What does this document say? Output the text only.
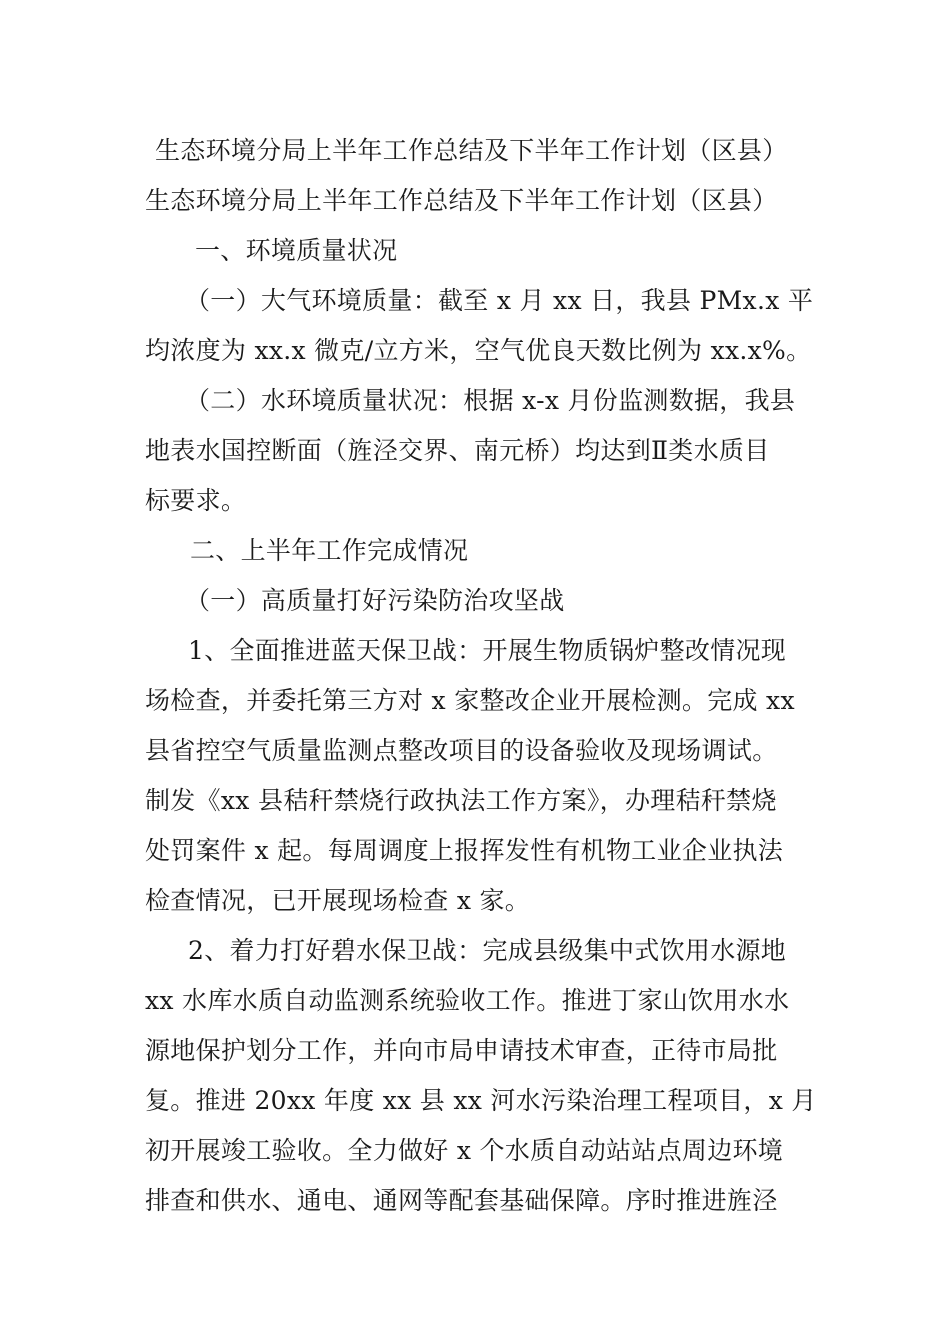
生态环境分局上半年工作总结及下半年工作计划（区县）
生态环境分局上半年工作总结及下半年工作计划（区县）
一、环境质量状况
（一）大气环境质量：截至 x 月 xx 日，我县 PMx.x 平
均浓度为 xx.x 微克/立方米，空气优良天数比例为 xx.x%。
（二）水环境质量状况：根据 x-x 月份监测数据，我县
地表水国控断面（旌泾交界、南元桥）均达到Ⅱ类水质目
标要求。
二、上半年工作完成情况
（一）高质量打好污染防治攻坚战
1、全面推进蓝天保卫战：开展生物质锅炉整改情况现
场检查，并委托第三方对 x 家整改企业开展检测。完成 xx
县省控空气质量监测点整改项目的设备验收及现场调试。
制发《xx 县秸秆禁烧行政执法工作方案》，办理秸秆禁烧
处罚案件 x 起。每周调度上报挥发性有机物工业企业执法
检查情况，已开展现场检查 x 家。
2、着力打好碧水保卫战：完成县级集中式饮用水源地
xx 水库水质自动监测系统验收工作。推进丁家山饮用水水
源地保护划分工作，并向市局申请技术审查，正待市局批
复。推进 20xx 年度 xx 县 xx 河水污染治理工程项目，x 月
初开展竣工验收。全力做好 x 个水质自动站站点周边环境
排查和供水、通电、通网等配套基础保障。序时推进旌泾
